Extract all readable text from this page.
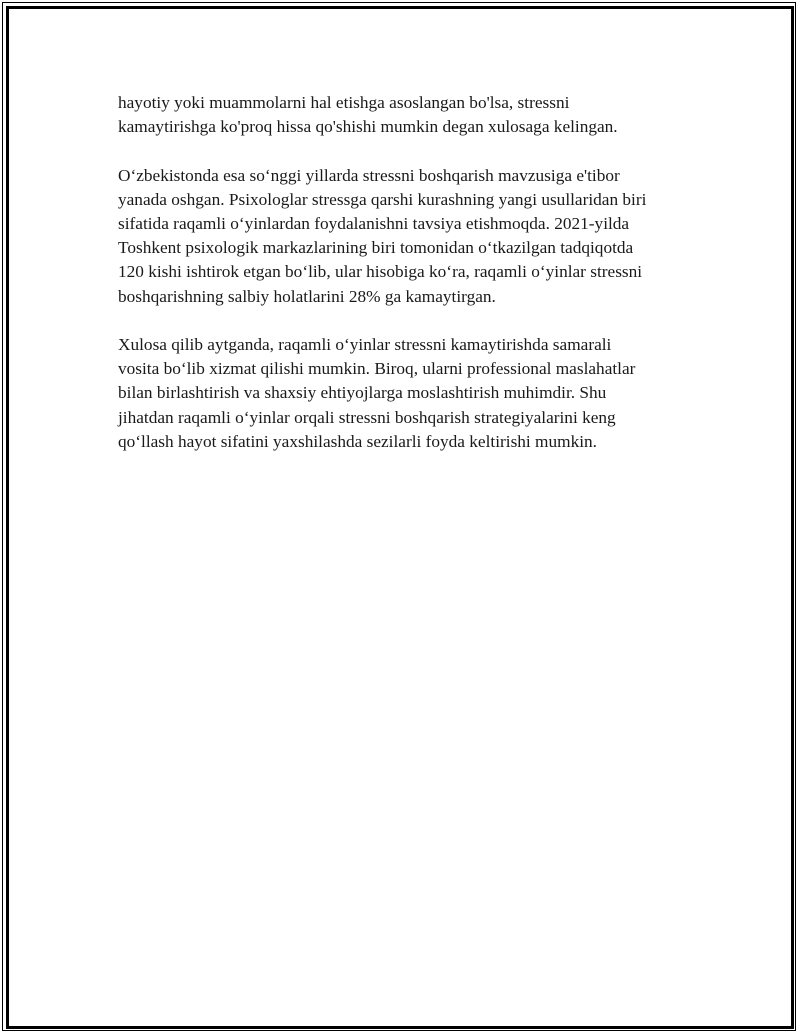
hayotiy yoki muammolarni hal etishga asoslangan bo'lsa, stressni
kamaytirishga ko'proq hissa qo'shishi mumkin degan xulosaga kelingan.

O‘zbekistonda esa so‘nggi yillarda stressni boshqarish mavzusiga e'tibor
yanada oshgan. Psixologlar stressga qarshi kurashning yangi usullaridan biri
sifatida raqamli o‘yinlardan foydalanishni tavsiya etishmoqda. 2021-yilda
Toshkent psixologik markazlarining biri tomonidan o‘tkazilgan tadqiqotda
120 kishi ishtirok etgan bo‘lib, ular hisobiga ko‘ra, raqamli o‘yinlar stressni
boshqarishning salbiy holatlarini 28% ga kamaytirgan.

Xulosa qilib aytganda, raqamli o‘yinlar stressni kamaytirishda samarali
vosita bo‘lib xizmat qilishi mumkin. Biroq, ularni professional maslahatlar
bilan birlashtirish va shaxsiy ehtiyojlarga moslashtirish muhimdir. Shu
jihatdan raqamli o‘yinlar orqali stressni boshqarish strategiyalarini keng
qo‘llash hayot sifatini yaxshilashda sezilarli foyda keltirishi mumkin.
